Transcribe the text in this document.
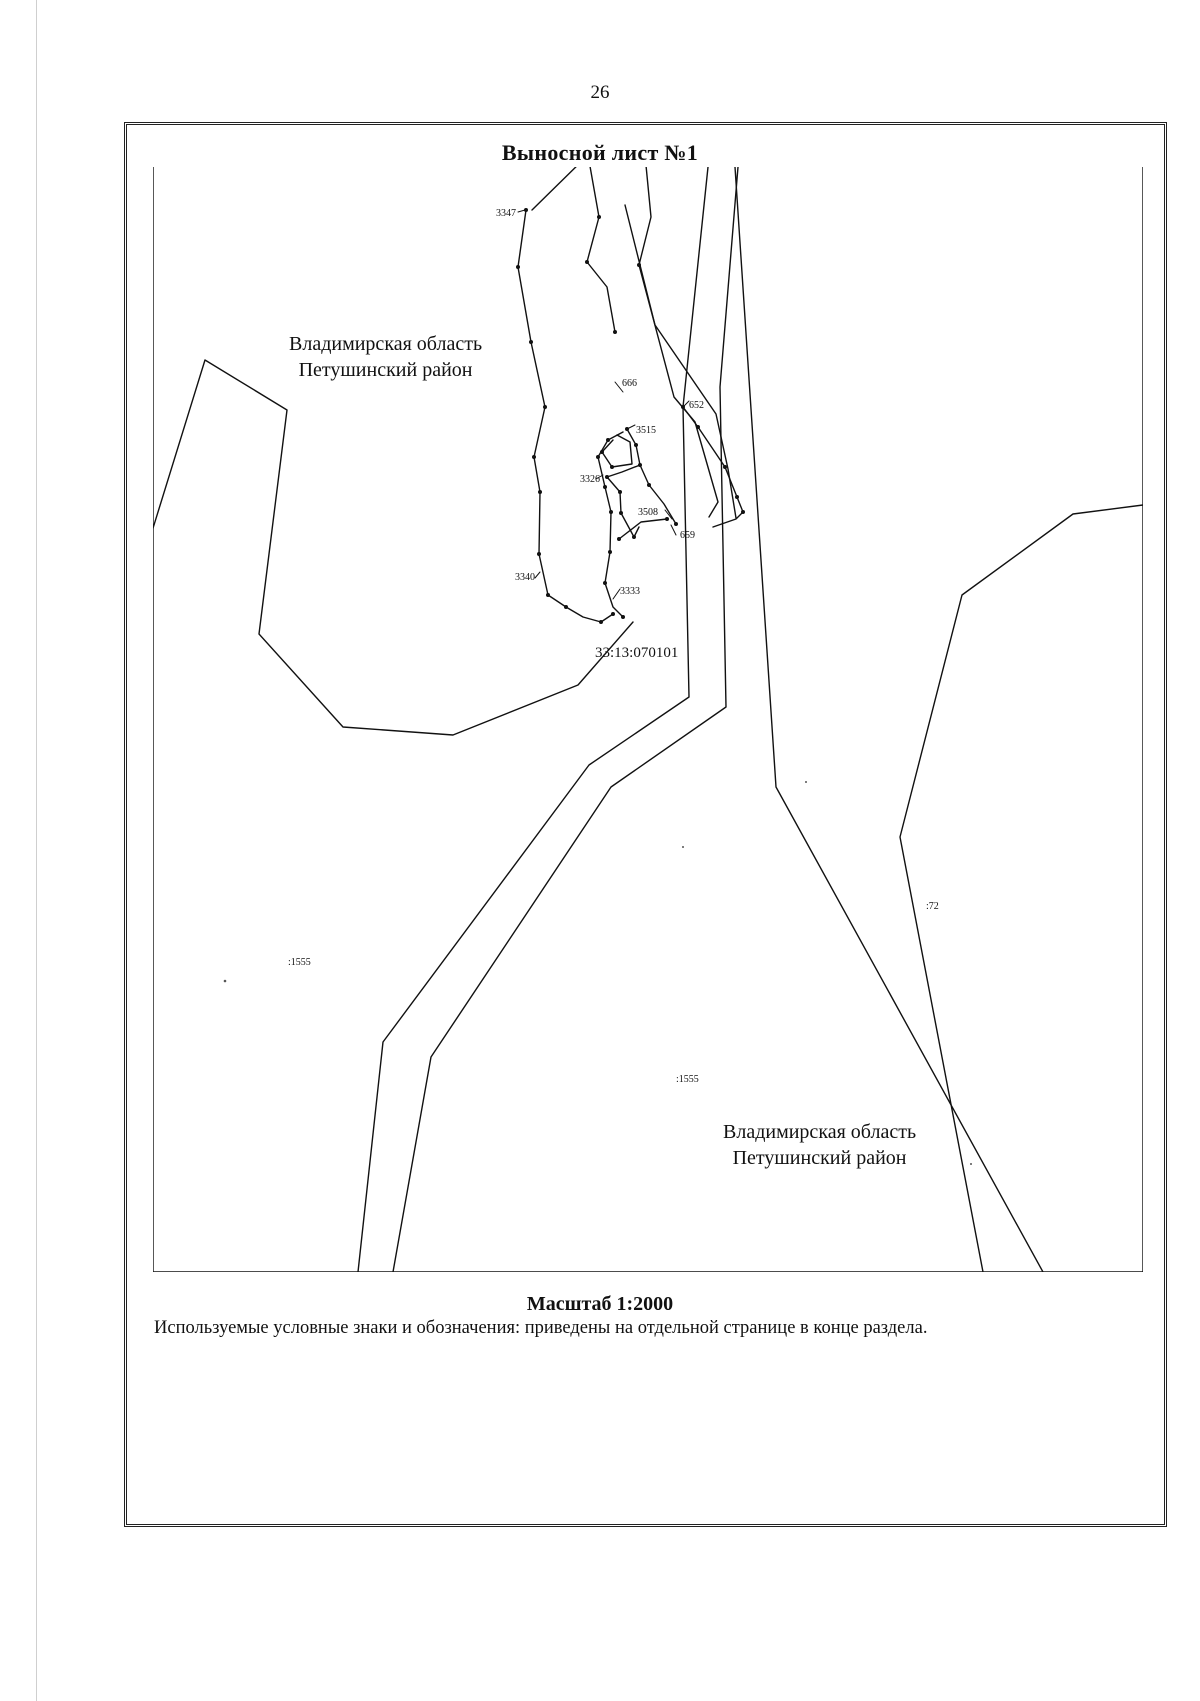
26
Выносной лист №1
3347
666
652
3515
3326
3508
659
3340
3333
33:13:070101
:1555
:1555
:72
Владимирская область
Петушинский район
Владимирская область
Петушинский район
Масштаб 1:2000
Используемые условные знаки и обозначения: приведены на отдельной странице в конце раздела.
